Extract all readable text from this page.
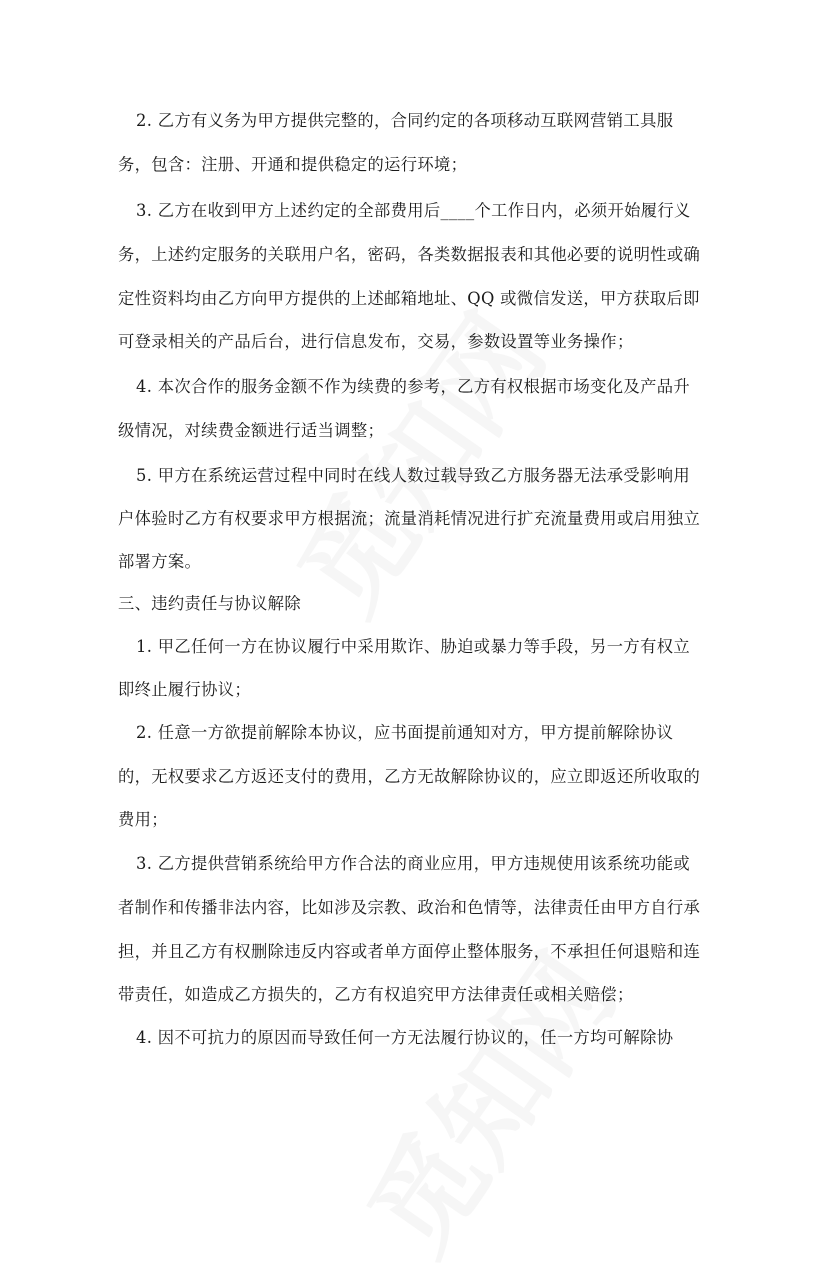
2. 乙方有义务为甲方提供完整的，合同约定的各项移动互联网营销工具服
务，包含：注册、开通和提供稳定的运行环境；
3. 乙方在收到甲方上述约定的全部费用后____个工作日内，必须开始履行义
务，上述约定服务的关联用户名，密码，各类数据报表和其他必要的说明性或确
定性资料均由乙方向甲方提供的上述邮箱地址、QQ 或微信发送，甲方获取后即
可登录相关的产品后台，进行信息发布，交易，参数设置等业务操作；
4. 本次合作的服务金额不作为续费的参考，乙方有权根据市场变化及产品升
级情况，对续费金额进行适当调整；
5. 甲方在系统运营过程中同时在线人数过载导致乙方服务器无法承受影响用
户体验时乙方有权要求甲方根据流；流量消耗情况进行扩充流量费用或启用独立
部署方案。
三、违约责任与协议解除
1. 甲乙任何一方在协议履行中采用欺诈、胁迫或暴力等手段，另一方有权立
即终止履行协议；
2. 任意一方欲提前解除本协议，应书面提前通知对方，甲方提前解除协议
的，无权要求乙方返还支付的费用，乙方无故解除协议的，应立即返还所收取的
费用；
3. 乙方提供营销系统给甲方作合法的商业应用，甲方违规使用该系统功能或
者制作和传播非法内容，比如涉及宗教、政治和色情等，法律责任由甲方自行承
担，并且乙方有权删除违反内容或者单方面停止整体服务，不承担任何退赔和连
带责任，如造成乙方损失的，乙方有权追究甲方法律责任或相关赔偿；
4. 因不可抗力的原因而导致任何一方无法履行协议的，任一方均可解除协
